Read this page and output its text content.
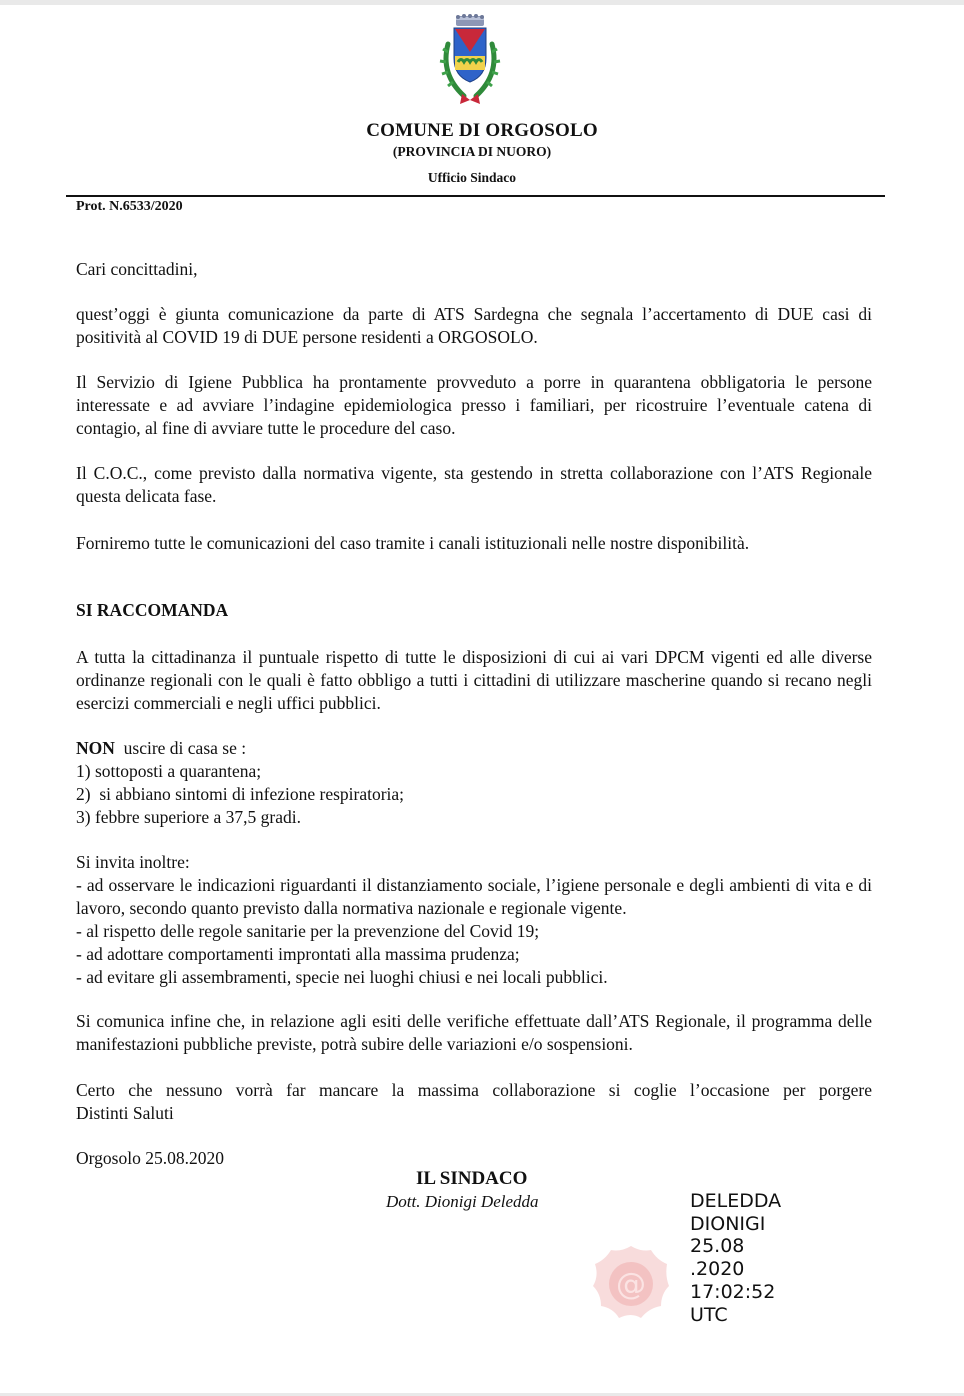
COMUNE DI ORGOSOLO
(PROVINCIA DI NUORO)
Ufficio Sindaco
Prot. N.6533/2020
Cari concittadini,
quest’oggi è giunta comunicazione da parte di ATS Sardegna che segnala l’accertamento di DUE casi di positività al COVID 19 di DUE persone residenti a ORGOSOLO.
Il Servizio di Igiene Pubblica ha prontamente provveduto a porre in quarantena obbligatoria le persone interessate e ad avviare l’indagine epidemiologica presso i familiari, per ricostruire l’eventuale catena di contagio, al fine di avviare tutte le procedure del caso.
Il C.O.C., come previsto dalla normativa vigente, sta gestendo in stretta collaborazione con l’ATS Regionale questa delicata fase.
Forniremo tutte le comunicazioni del caso tramite i canali istituzionali nelle nostre disponibilità.
SI RACCOMANDA
A tutta la cittadinanza il puntuale rispetto di tutte le disposizioni di cui ai vari DPCM vigenti ed alle diverse ordinanze regionali con le quali è fatto obbligo a tutti i cittadini di utilizzare mascherine quando si recano negli esercizi commerciali e negli uffici pubblici.
NON  uscire di casa se :
1) sottoposti a quarantena;
2)  si abbiano sintomi di infezione respiratoria;
3) febbre superiore a 37,5 gradi.
Si invita inoltre:
- ad osservare le indicazioni riguardanti il distanziamento sociale, l’igiene personale e degli ambienti di vita e di lavoro, secondo quanto previsto dalla normativa nazionale e regionale vigente.
- al rispetto delle regole sanitarie per la prevenzione del Covid 19;
- ad adottare comportamenti improntati alla massima prudenza;
- ad evitare gli assembramenti, specie nei luoghi chiusi e nei locali pubblici.
Si comunica infine che, in relazione agli esiti delle verifiche effettuate dall’ATS Regionale, il programma delle manifestazioni pubbliche previste, potrà subire delle variazioni e/o sospensioni.
Certo che nessuno vorrà far mancare la massima collaborazione si coglie l’occasione per porgere
Distinti Saluti
Orgosolo 25.08.2020
IL SINDACO
Dott. Dionigi Deledda
@
DELEDDA
DIONIGI
25.08
.2020
17:02:52
UTC
